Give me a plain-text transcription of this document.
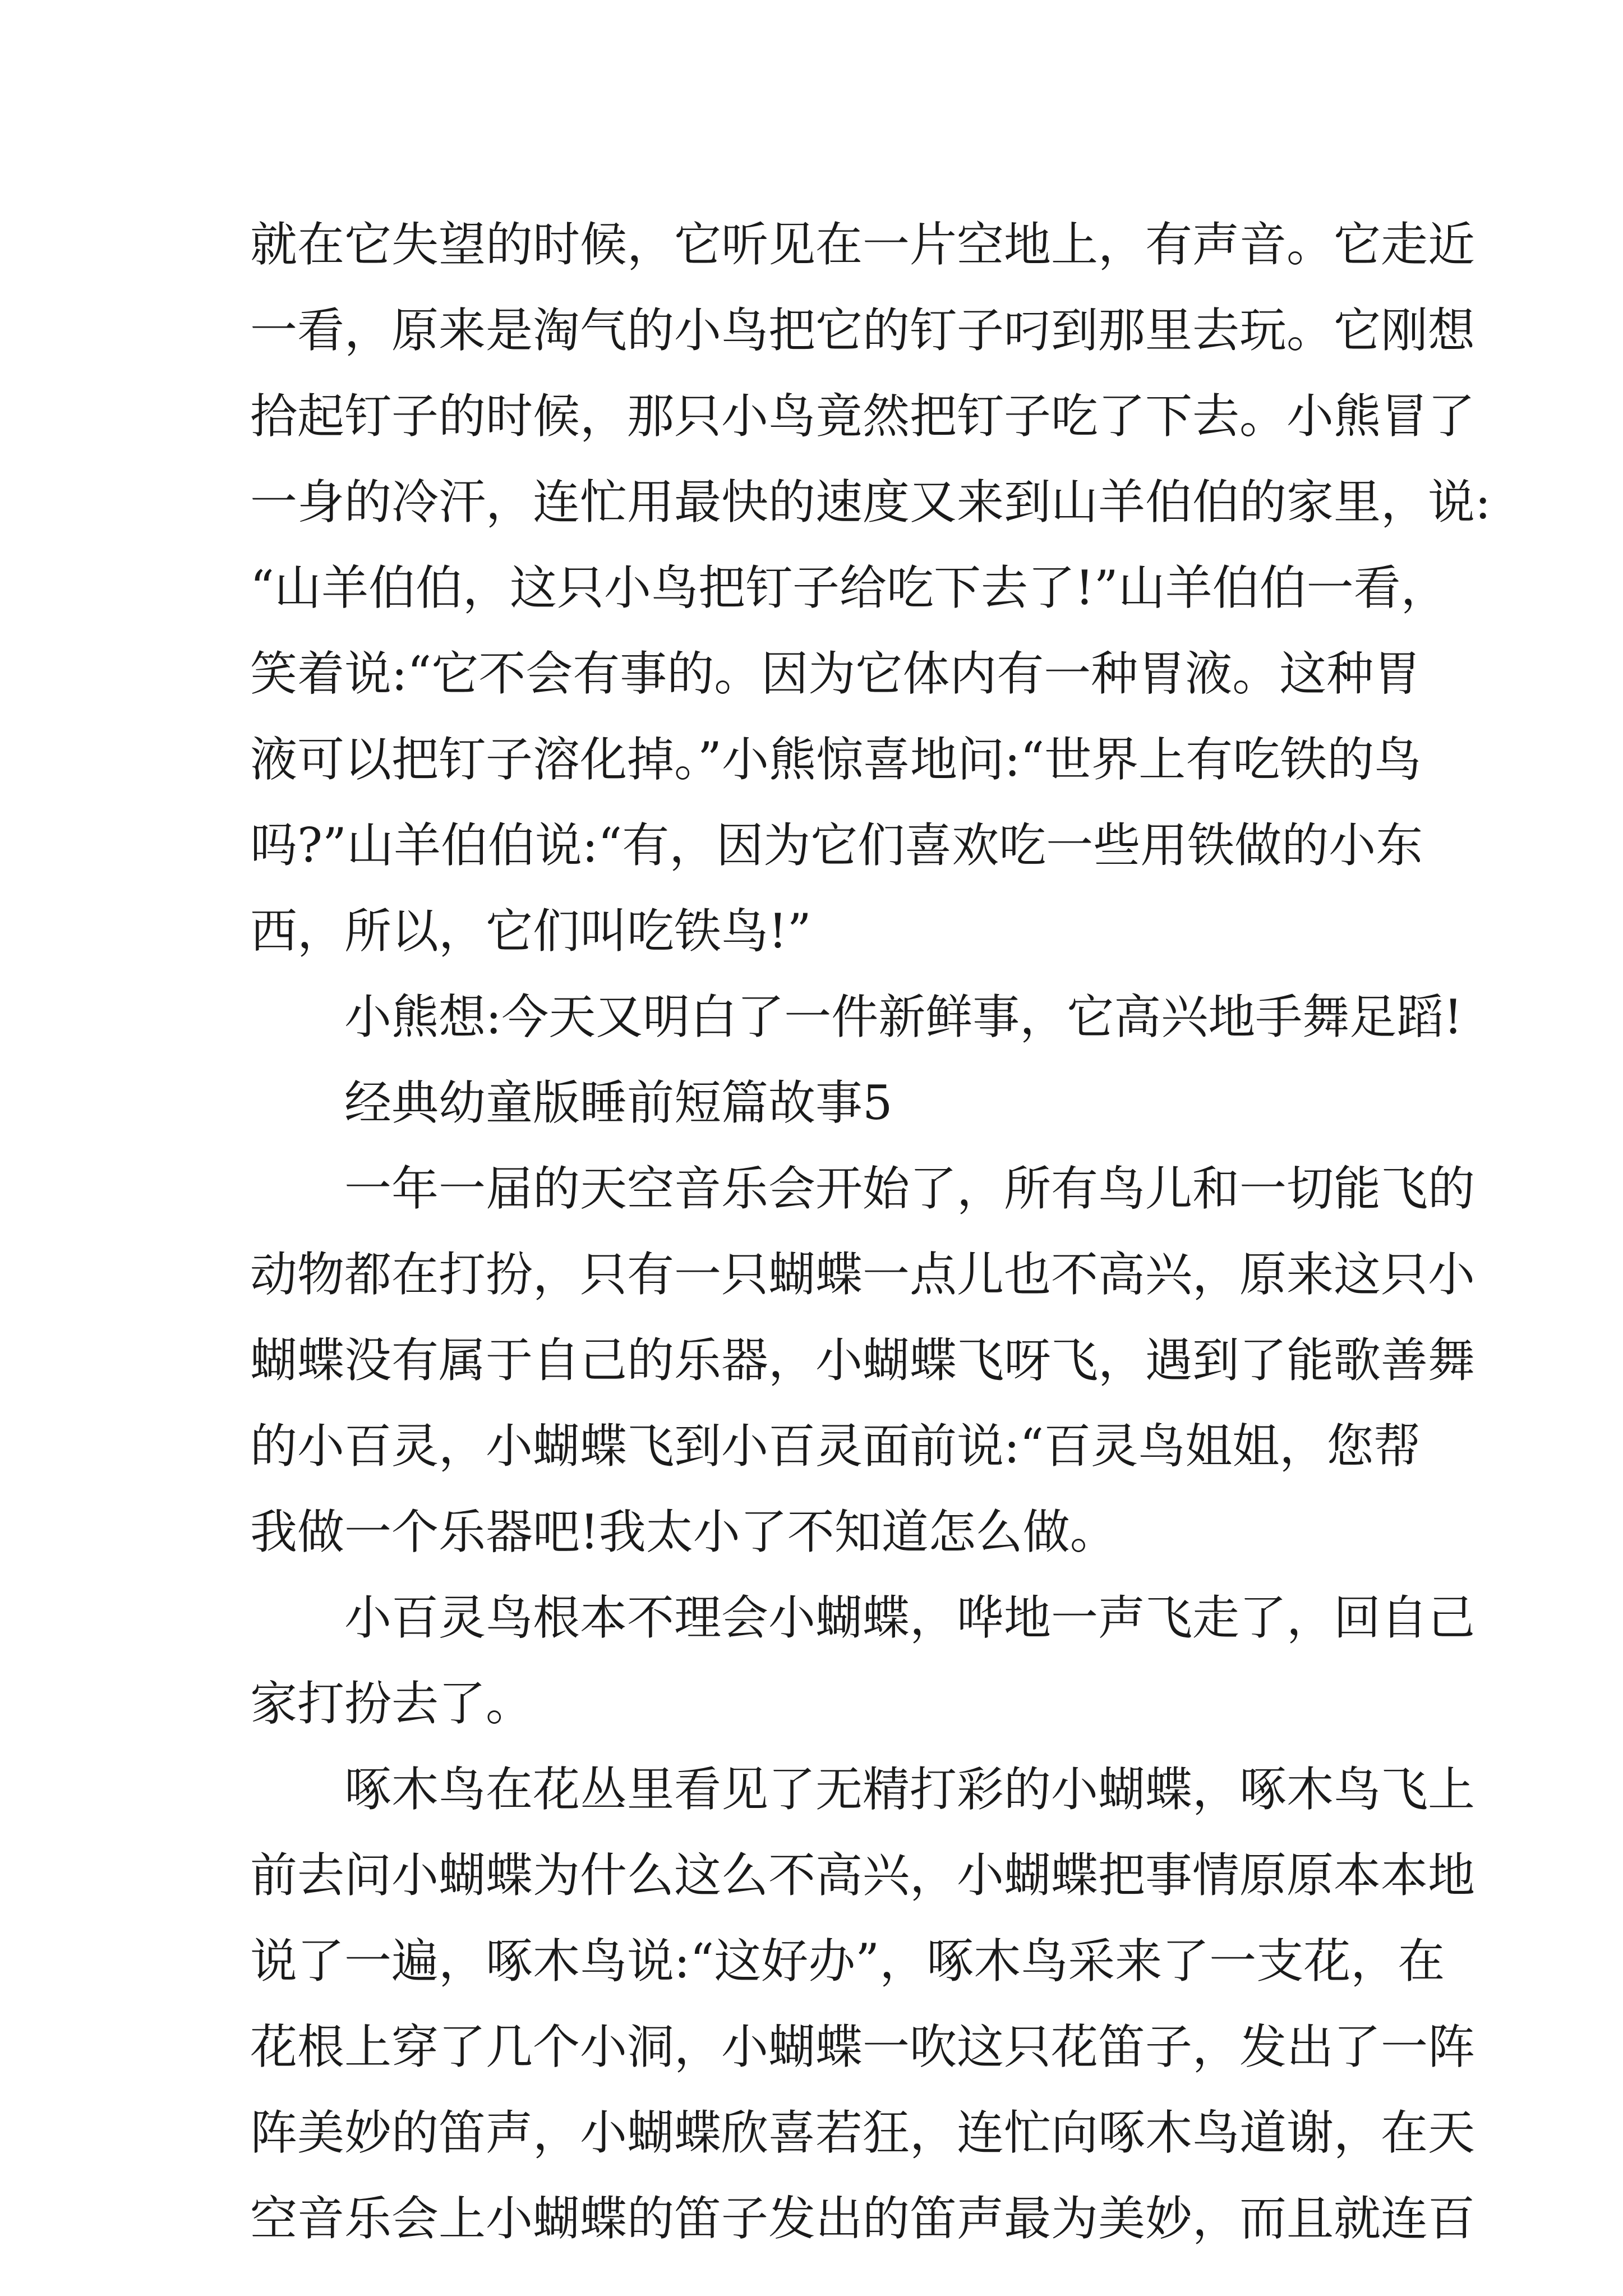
就在它失望的时候，它听见在一片空地上，有声音。它走近
一看，原来是淘气的小鸟把它的钉子叼到那里去玩。它刚想
拾起钉子的时候，那只小鸟竟然把钉子吃了下去。小熊冒了
一身的冷汗，连忙用最快的速度又来到山羊伯伯的家里，说:
“山羊伯伯，这只小鸟把钉子给吃下去了!”山羊伯伯一看，
笑着说:“它不会有事的。因为它体内有一种胃液。这种胃
液可以把钉子溶化掉。”小熊惊喜地问:“世界上有吃铁的鸟
吗?”山羊伯伯说:“有，因为它们喜欢吃一些用铁做的小东
西，所以，它们叫吃铁鸟!”
小熊想:今天又明白了一件新鲜事，它高兴地手舞足蹈!
经典幼童版睡前短篇故事5
一年一届的天空音乐会开始了，所有鸟儿和一切能飞的
动物都在打扮，只有一只蝴蝶一点儿也不高兴，原来这只小
蝴蝶没有属于自己的乐器，小蝴蝶飞呀飞，遇到了能歌善舞
的小百灵，小蝴蝶飞到小百灵面前说:“百灵鸟姐姐，您帮
我做一个乐器吧!我太小了不知道怎么做。
小百灵鸟根本不理会小蝴蝶，哗地一声飞走了，回自己
家打扮去了。
啄木鸟在花丛里看见了无精打彩的小蝴蝶，啄木鸟飞上
前去问小蝴蝶为什么这么不高兴，小蝴蝶把事情原原本本地
说了一遍，啄木鸟说:“这好办”，啄木鸟采来了一支花，在
花根上穿了几个小洞，小蝴蝶一吹这只花笛子，发出了一阵
阵美妙的笛声，小蝴蝶欣喜若狂，连忙向啄木鸟道谢，在天
空音乐会上小蝴蝶的笛子发出的笛声最为美妙，而且就连百
